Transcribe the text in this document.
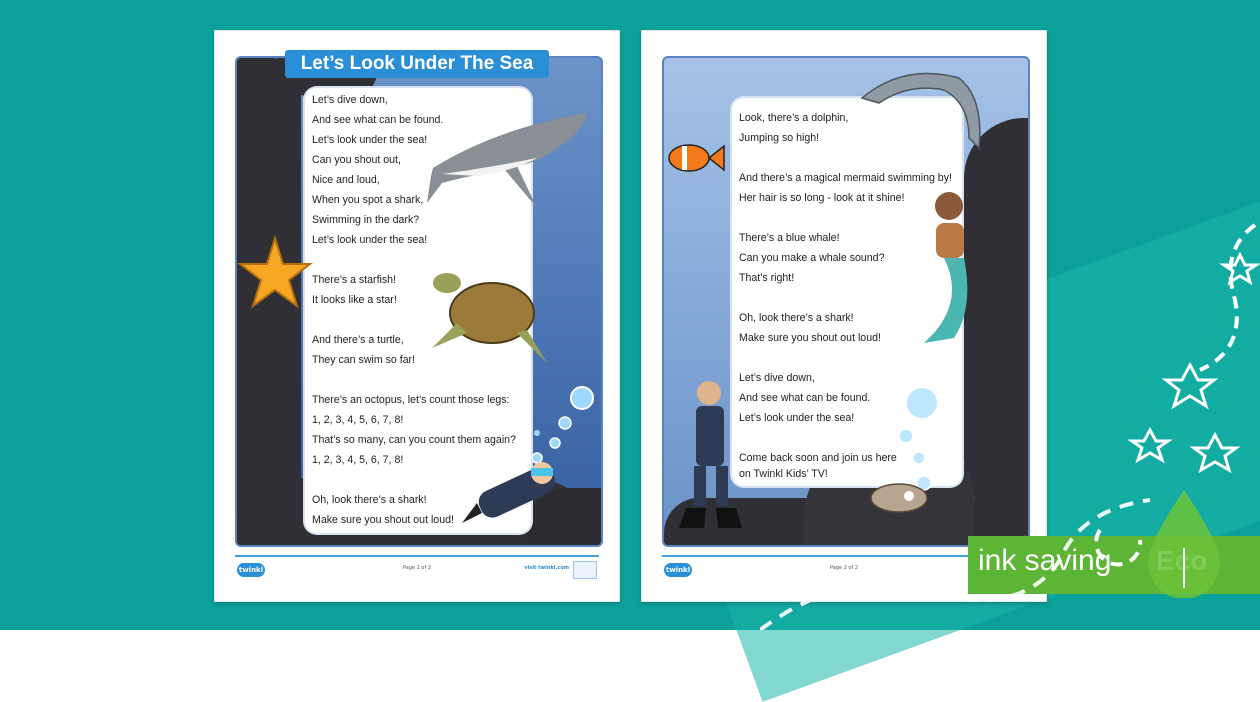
Let’s dive down,
And see what can be found.
Let’s look under the sea!
Can you shout out,
Nice and loud,
When you spot a shark,
Swimming in the dark?
Let’s look under the sea!
There’s a starfish!
It looks like a star!
And there’s a turtle,
They can swim so far!
There’s an octopus, let’s count those legs:
1, 2, 3, 4, 5, 6, 7, 8!
That’s so many, can you count them again?
1, 2, 3, 4, 5, 6, 7, 8!
Oh, look there’s a shark!
Make sure you shout out loud!
Let’s Look Under The Sea
twinkl	Page 1 of 2	visit twinkl.com
Look, there’s a dolphin,
Jumping so high!
And there’s a magical mermaid swimming by!
Her hair is so long - look at it shine!
There’s a blue whale!
Can you make a whale sound?
That’s right!
Oh, look there’s a shark!
Make sure you shout out loud!
Let’s dive down,
And see what can be found.
Let’s look under the sea!
Come back soon and join us here
on Twinkl Kids’ TV!
twinkl	Page 2 of 2	ink saving
